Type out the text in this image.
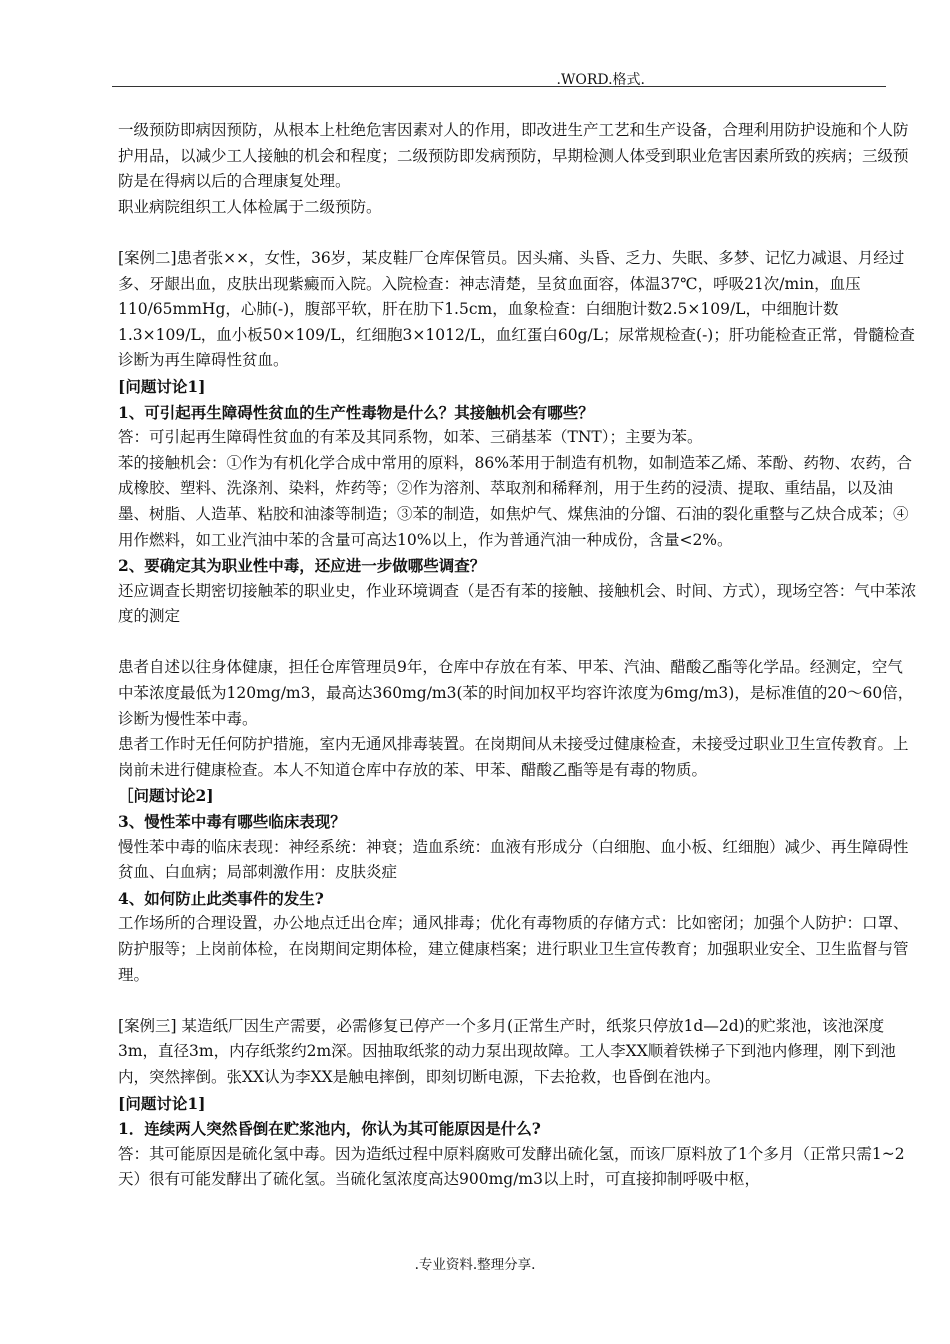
.WORD.格式.

一级预防即病因预防，从根本上杜绝危害因素对人的作用，即改进生产工艺和生产设备，合理利用防护设施和个人防护用品，以减少工人接触的机会和程度；二级预防即发病预防，早期检测人体受到职业危害因素所致的疾病；三级预防是在得病以后的合理康复处理。

职业病院组织工人体检属于二级预防。

[案例二]患者张××，女性，36岁，某皮鞋厂仓库保管员。因头痛、头昏、乏力、失眠、多梦、记忆力减退、月经过多、牙龈出血，皮肤出现紫癜而入院。入院检查：神志清楚，呈贫血面容，体温37℃，呼吸21次/min，血压110/65mmHg，心肺(-)，腹部平软，肝在肋下1.5cm，血象检查：白细胞计数2.5×109/L，中细胞计数1.3×109/L，血小板50×109/L，红细胞3×1012/L，血红蛋白60g/L；尿常规检查(-)；肝功能检查正常，骨髓检查诊断为再生障碍性贫血。

[问题讨论1]

1、可引起再生障碍性贫血的生产性毒物是什么？其接触机会有哪些？

答：可引起再生障碍性贫血的有苯及其同系物，如苯、三硝基苯（TNT）；主要为苯。

苯的接触机会：①作为有机化学合成中常用的原料，86%苯用于制造有机物，如制造苯乙烯、苯酚、药物、农药，合成橡胶、塑料、洗涤剂、染料，炸药等；②作为溶剂、萃取剂和稀释剂，用于生药的浸渍、提取、重结晶，以及油墨、树脂、人造革、粘胶和油漆等制造；③苯的制造，如焦炉气、煤焦油的分馏、石油的裂化重整与乙炔合成苯；④用作燃料，如工业汽油中苯的含量可高达10%以上，作为普通汽油一种成份，含量<2%。

2、要确定其为职业性中毒，还应进一步做哪些调查？

还应调查长期密切接触苯的职业史，作业环境调查（是否有苯的接触、接触机会、时间、方式），现场空答：气中苯浓度的测定

患者自述以往身体健康，担任仓库管理员9年，仓库中存放在有苯、甲苯、汽油、醋酸乙酯等化学品。经测定，空气中苯浓度最低为120mg/m3，最高达360mg/m3(苯的时间加权平均容许浓度为6mg/m3)，是标准值的20～60倍，诊断为慢性苯中毒。

患者工作时无任何防护措施，室内无通风排毒装置。在岗期间从未接受过健康检查，未接受过职业卫生宣传教育。上岗前未进行健康检查。本人不知道仓库中存放的苯、甲苯、醋酸乙酯等是有毒的物质。

［问题讨论2]

3、慢性苯中毒有哪些临床表现？

慢性苯中毒的临床表现：神经系统：神衰；造血系统：血液有形成分（白细胞、血小板、红细胞）减少、再生障碍性贫血、白血病；局部刺激作用：皮肤炎症

4、如何防止此类事件的发生?

工作场所的合理设置，办公地点迁出仓库；通风排毒；优化有毒物质的存储方式：比如密闭；加强个人防护：口罩、防护服等；上岗前体检，在岗期间定期体检，建立健康档案；进行职业卫生宣传教育；加强职业安全、卫生监督与管理。

[案例三] 某造纸厂因生产需要，必需修复已停产一个多月(正常生产时，纸浆只停放1d—2d)的贮浆池，该池深度3m，直径3m，内存纸浆约2m深。因抽取纸浆的动力泵出现故障。工人李XX顺着铁梯子下到池内修理，刚下到池内，突然摔倒。张XX认为李XX是触电摔倒，即刻切断电源，下去抢救，也昏倒在池内。

[问题讨论1]

1．连续两人突然昏倒在贮浆池内，你认为其可能原因是什么?

答：其可能原因是硫化氢中毒。因为造纸过程中原料腐败可发酵出硫化氢，而该厂原料放了1个多月（正常只需1~2天）很有可能发酵出了硫化氢。当硫化氢浓度高达900mg/m3以上时，可直接抑制呼吸中枢，

.专业资料.整理分享.
